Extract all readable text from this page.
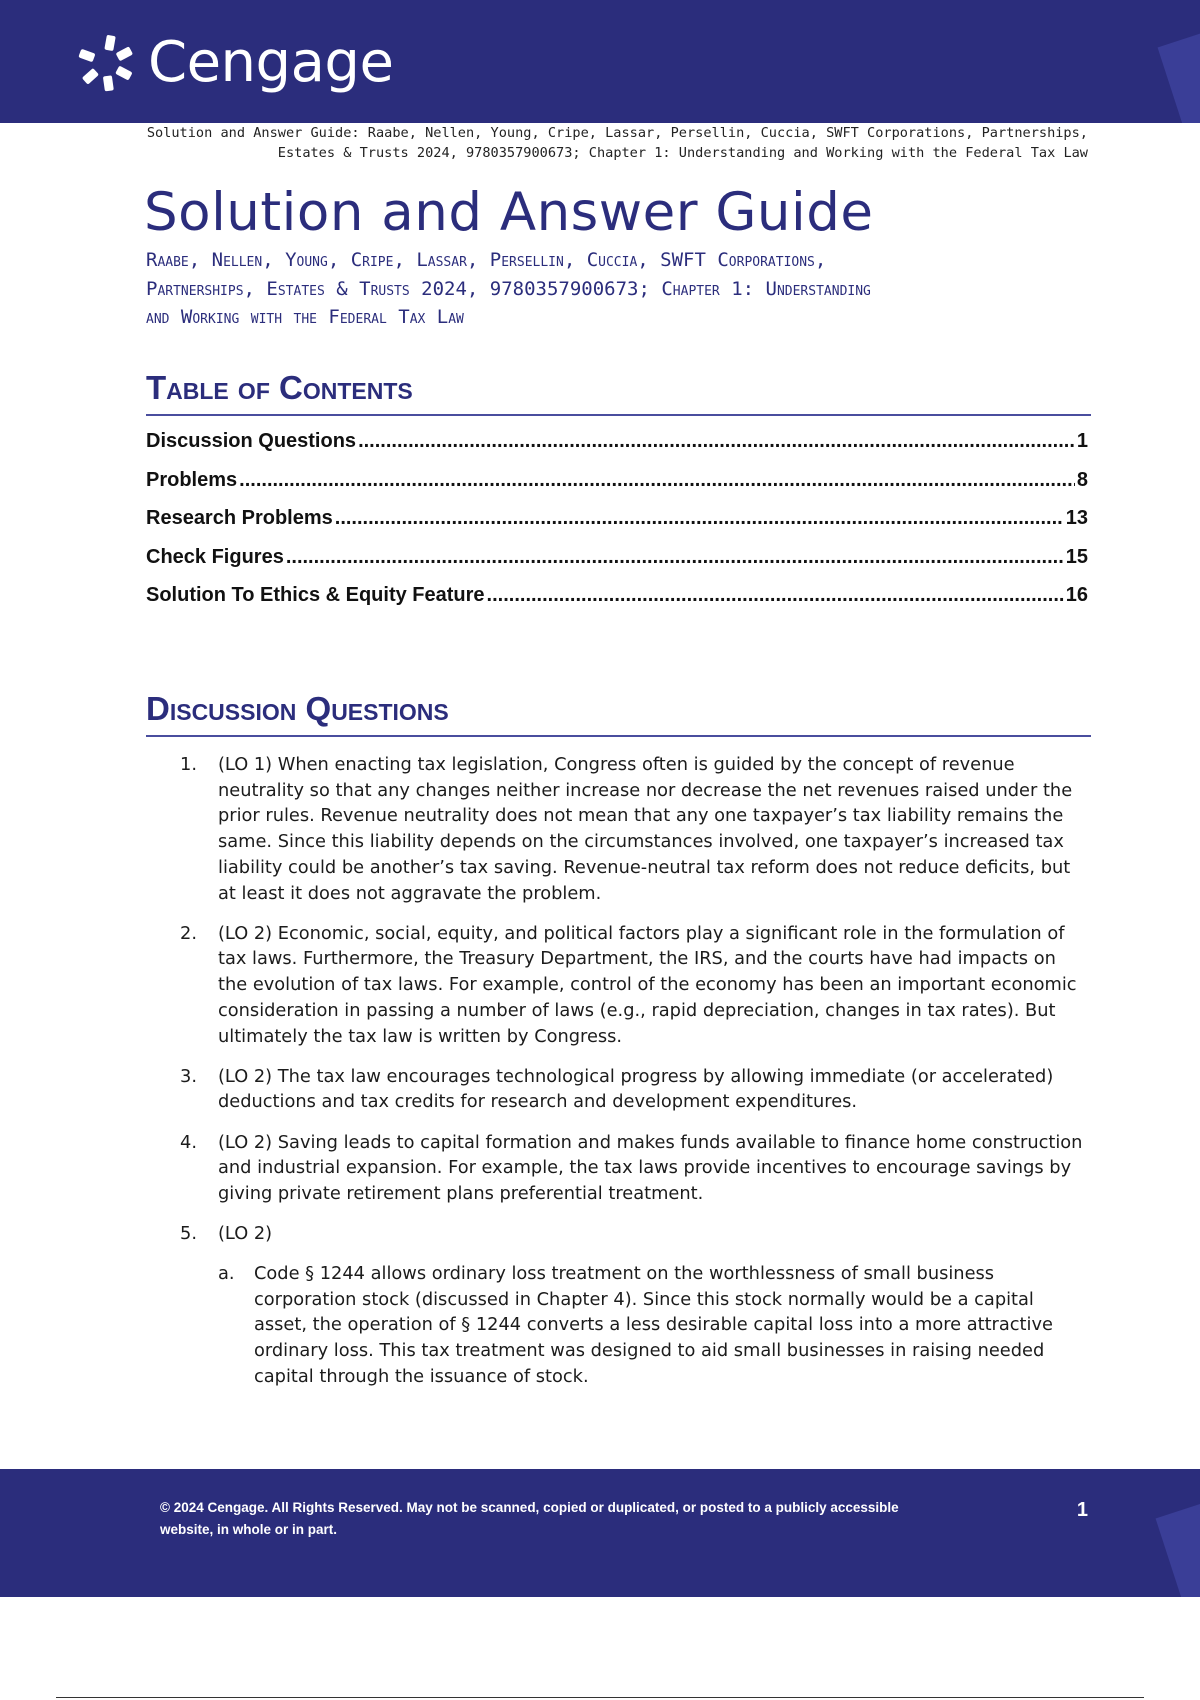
Cengage
Solution and Answer Guide: Raabe, Nellen, Young, Cripe, Lassar, Persellin, Cuccia, SWFT Corporations, Partnerships,
Estates & Trusts 2024, 9780357900673; Chapter 1: Understanding and Working with the Federal Tax Law
Solution and Answer Guide
Raabe, Nellen, Young, Cripe, Lassar, Persellin, Cuccia, SWFT Corporations,
Partnerships, Estates & Trusts 2024, 9780357900673; Chapter 1: Understanding
and Working with the Federal Tax Law
Table of Contents
Discussion Questions .....	1
Problems .....	8
Research Problems .....	13
Check Figures .....	15
Solution To Ethics & Equity Feature .....	16
Discussion Questions
1. (LO 1) When enacting tax legislation, Congress often is guided by the concept of revenue neutrality so that any changes neither increase nor decrease the net revenues raised under the prior rules. Revenue neutrality does not mean that any one taxpayer’s tax liability remains the same. Since this liability depends on the circumstances involved, one taxpayer’s increased tax liability could be another’s tax saving. Revenue-neutral tax reform does not reduce deficits, but at least it does not aggravate the problem.
2. (LO 2) Economic, social, equity, and political factors play a significant role in the formulation of tax laws. Furthermore, the Treasury Department, the IRS, and the courts have had impacts on the evolution of tax laws. For example, control of the economy has been an important economic consideration in passing a number of laws (e.g., rapid depreciation, changes in tax rates). But ultimately the tax law is written by Congress.
3. (LO 2) The tax law encourages technological progress by allowing immediate (or accelerated) deductions and tax credits for research and development expenditures.
4. (LO 2) Saving leads to capital formation and makes funds available to finance home construction and industrial expansion. For example, the tax laws provide incentives to encourage savings by giving private retirement plans preferential treatment.
5. (LO 2)
a. Code § 1244 allows ordinary loss treatment on the worthlessness of small business corporation stock (discussed in Chapter 4). Since this stock normally would be a capital asset, the operation of § 1244 converts a less desirable capital loss into a more attractive ordinary loss. This tax treatment was designed to aid small businesses in raising needed capital through the issuance of stock.
© 2024 Cengage. All Rights Reserved. May not be scanned, copied or duplicated, or posted to a publicly accessible
website, in whole or in part.
1
